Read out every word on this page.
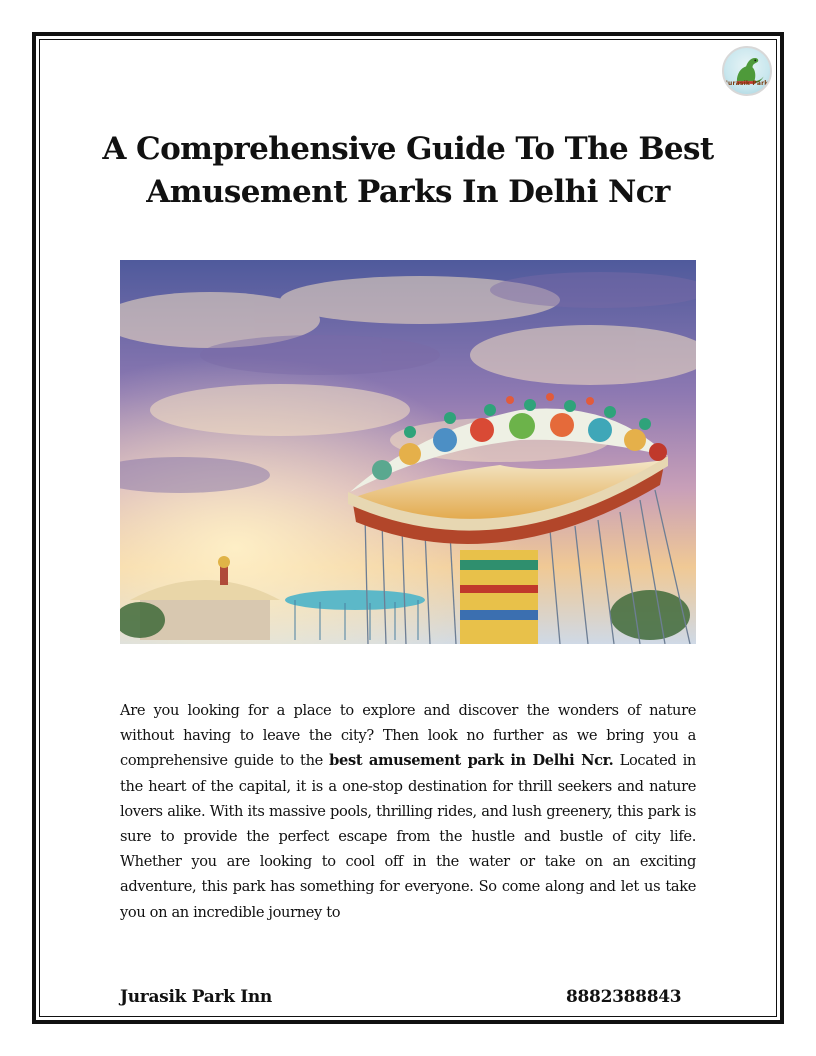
Jurasik Park
A Comprehensive Guide To The Best
Amusement Parks In Delhi Ncr

Are you looking for a place to explore and discover the wonders of nature without having to leave the city? Then look no further as we bring you a comprehensive guide to the best amusement park in Delhi Ncr. Located in the heart of the capital, it is a one-stop destination for thrill seekers and nature lovers alike. With its massive pools, thrilling rides, and lush greenery, this park is sure to provide the perfect escape from the hustle and bustle of city life. Whether you are looking to cool off in the water or take on an exciting adventure, this park has something for everyone. So come along and let us take you on an incredible journey to

Jurasik Park Inn	8882388843
